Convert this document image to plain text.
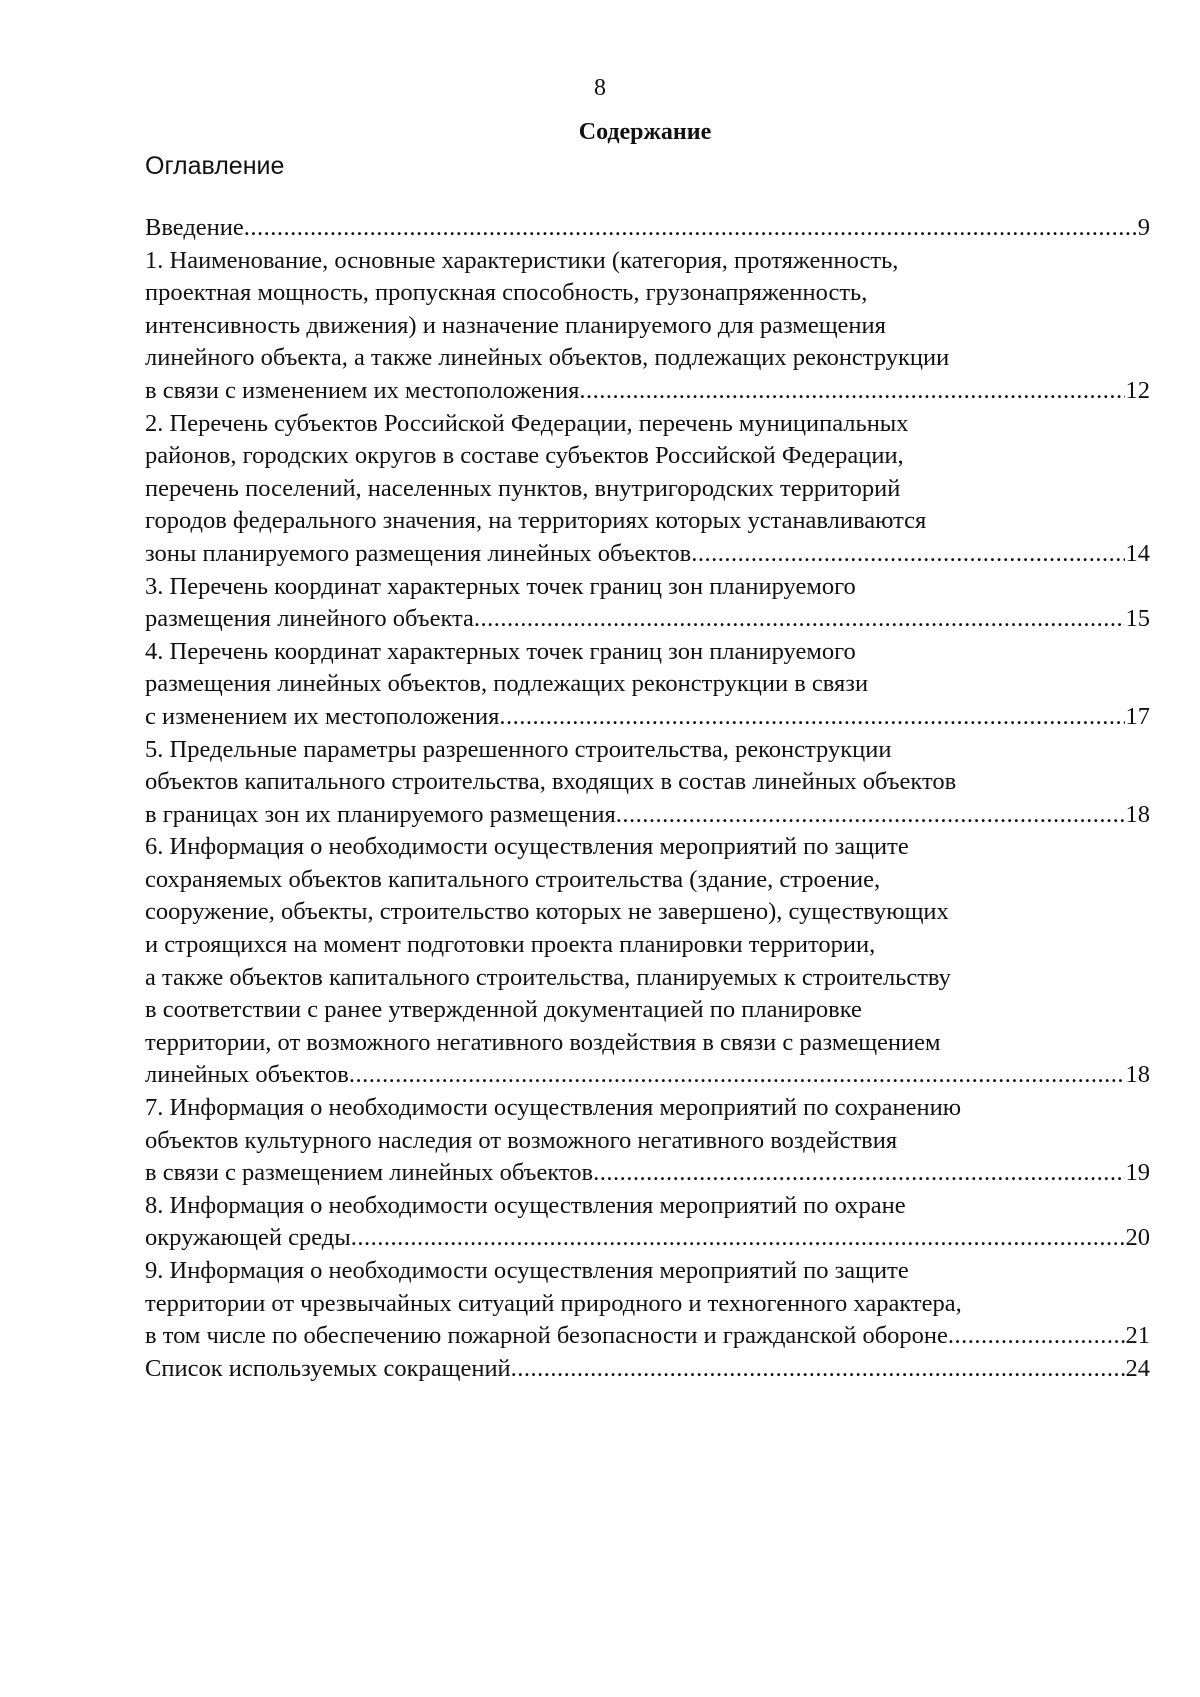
8
Содержание
Оглавление
Введение .....	9
1. Наименование, основные характеристики (категория, протяженность,
проектная мощность, пропускная способность, грузонапряженность,
интенсивность движения) и назначение планируемого для размещения
линейного объекта, а также линейных объектов, подлежащих реконструкции
в связи с изменением их местоположения .....	12
2. Перечень субъектов Российской Федерации, перечень муниципальных
районов, городских округов в составе субъектов Российской Федерации,
перечень поселений, населенных пунктов, внутригородских территорий
городов федерального значения, на территориях которых устанавливаются
зоны планируемого размещения линейных объектов .....	14
3. Перечень координат характерных точек границ зон планируемого
размещения линейного объекта .....	15
4. Перечень координат характерных точек границ зон планируемого
размещения линейных объектов, подлежащих реконструкции в связи
с изменением их местоположения .....	17
5. Предельные параметры разрешенного строительства, реконструкции
объектов капитального строительства, входящих в состав линейных объектов
в границах зон их планируемого размещения .....	18
6. Информация о необходимости осуществления мероприятий по защите
сохраняемых объектов капитального строительства (здание, строение,
сооружение, объекты, строительство которых не завершено), существующих
и строящихся на момент подготовки проекта планировки территории,
а также объектов капитального строительства, планируемых к строительству
в соответствии с ранее утвержденной документацией по планировке
территории, от возможного негативного воздействия в связи с размещением
линейных объектов .....	18
7. Информация о необходимости осуществления мероприятий по сохранению
объектов культурного наследия от возможного негативного воздействия
в связи с размещением линейных объектов .....	19
8. Информация о необходимости осуществления мероприятий по охране
окружающей среды .....	20
9. Информация о необходимости осуществления мероприятий по защите
территории от чрезвычайных ситуаций природного и техногенного характера,
в том числе по обеспечению пожарной безопасности и гражданской обороне .....	21
Список используемых сокращений .....	24
